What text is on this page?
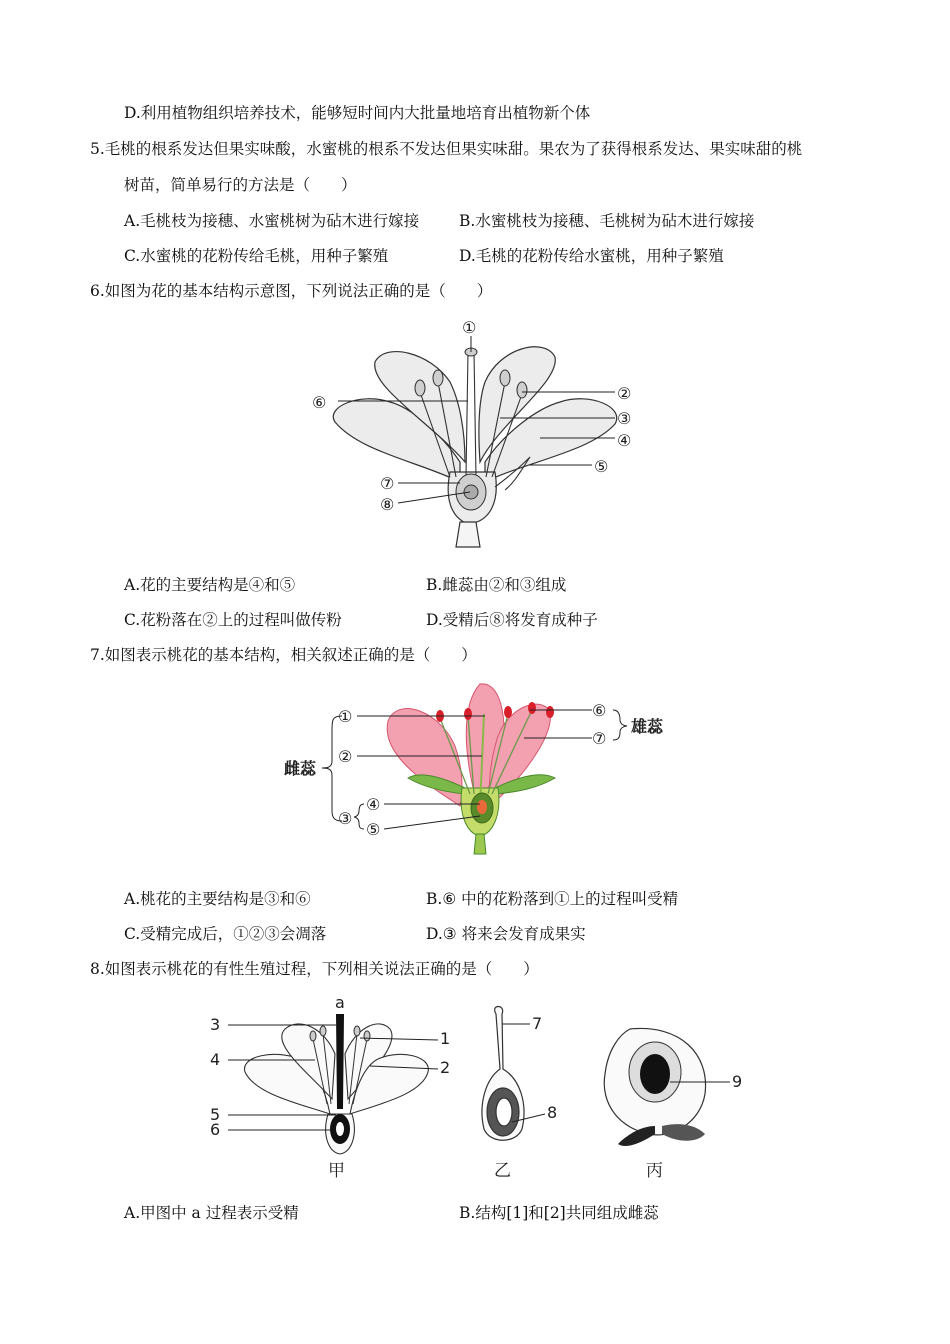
D.利用植物组织培养技术，能够短时间内大批量地培育出植物新个体
5.毛桃的根系发达但果实味酸，水蜜桃的根系不发达但果实味甜。果农为了获得根系发达、果实味甜的桃
树苗，简单易行的方法是（　　）
A.毛桃枝为接穗、水蜜桃树为砧木进行嫁接	B.水蜜桃枝为接穗、毛桃树为砧木进行嫁接
C.水蜜桃的花粉传给毛桃，用种子繁殖	D.毛桃的花粉传给水蜜桃，用种子繁殖
6.如图为花的基本结构示意图，下列说法正确的是（　　）
①
②
③
④
⑤
⑥
⑦
⑧
A.花的主要结构是④和⑤	B.雌蕊由②和③组成
C.花粉落在②上的过程叫做传粉	D.受精后⑧将发育成种子
7.如图表示桃花的基本结构，相关叙述正确的是（　　）
①
②
③
④
⑤
⑥
⑦
雌蕊
雄蕊
A.桃花的主要结构是③和⑥	B.⑥ 中的花粉落到①上的过程叫受精
C.受精完成后，①②③会凋落	D.③ 将来会发育成果实
8.如图表示桃花的有性生殖过程，下列相关说法正确的是（　　）
a
1
2
3
4
5
6
7
8
9
甲	乙	丙
A.甲图中 a 过程表示受精	B.结构[1]和[2]共同组成雌蕊
